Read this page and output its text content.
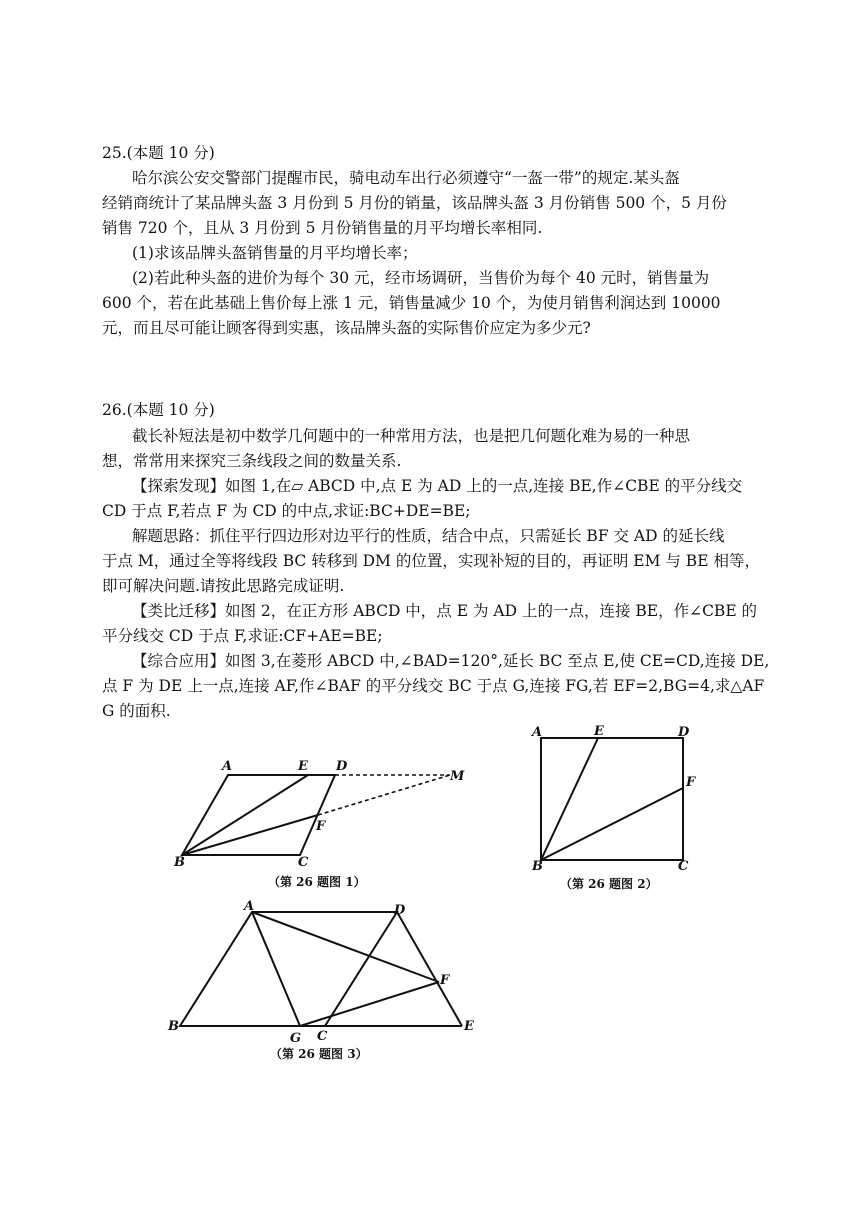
25.(本题 10 分)
哈尔滨公安交警部门提醒市民，骑电动车出行必须遵守“一盔一带”的规定.某头盔
经销商统计了某品牌头盔 3 月份到 5 月份的销量，该品牌头盔 3 月份销售 500 个，5 月份
销售 720 个，且从 3 月份到 5 月份销售量的月平均增长率相同.
(1)求该品牌头盔销售量的月平均增长率；
(2)若此种头盔的进价为每个 30 元，经市场调研，当售价为每个 40 元时，销售量为
600 个，若在此基础上售价每上涨 1 元，销售量减少 10 个，为使月销售利润达到 10000
元，而且尽可能让顾客得到实惠，该品牌头盔的实际售价应定为多少元?
26.(本题 10 分)
截长补短法是初中数学几何题中的一种常用方法，也是把几何题化难为易的一种思
想，常常用来探究三条线段之间的数量关系.
【探索发现】如图 1,在▱ ABCD 中,点 E 为 AD 上的一点,连接 BE,作∠CBE 的平分线交
CD 于点 F,若点 F 为 CD 的中点,求证:BC+DE=BE;
解题思路：抓住平行四边形对边平行的性质，结合中点，只需延长 BF 交 AD 的延长线
于点 M，通过全等将线段 BC 转移到 DM 的位置，实现补短的目的，再证明 EM 与 BE 相等，
即可解决问题.请按此思路完成证明.
【类比迁移】如图 2，在正方形 ABCD 中，点 E 为 AD 上的一点，连接 BE，作∠CBE 的
平分线交 CD 于点 F,求证:CF+AE=BE;
【综合应用】如图 3,在菱形 ABCD 中,∠BAD=120°,延长 BC 至点 E,使 CE=CD,连接 DE,
点 F 为 DE 上一点,连接 AF,作∠BAF 的平分线交 BC 于点 G,连接 FG,若 EF=2,BG=4,求△AF
G 的面积.
A	E D
M
F
B	C
（第 26 题图 1）
A	E	D
F
B	C
（第 26 题图 2）
A	D
F
B
G C
E
（第 26 题图 3）
